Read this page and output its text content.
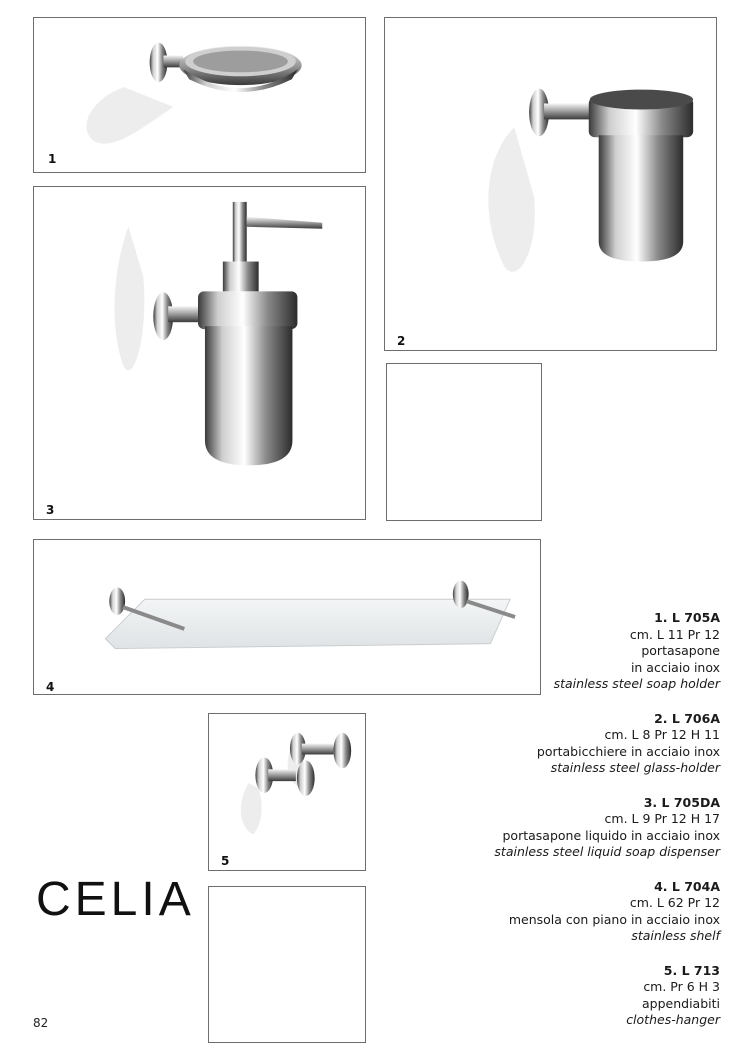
1
2
3
4
5
CELIA
82
1. L 705A
cm. L 11 Pr 12
portasapone
in acciaio inox
stainless steel soap holder
2. L 706A
cm. L 8 Pr 12 H 11
portabicchiere in acciaio inox
stainless steel glass-holder
3. L 705DA
cm. L 9 Pr 12 H 17
portasapone liquido in acciaio inox
stainless steel liquid soap dispenser
4. L 704A
cm. L 62 Pr 12
mensola con piano in acciaio inox
stainless shelf
5. L 713
cm. Pr 6 H 3
appendiabiti
clothes-hanger
